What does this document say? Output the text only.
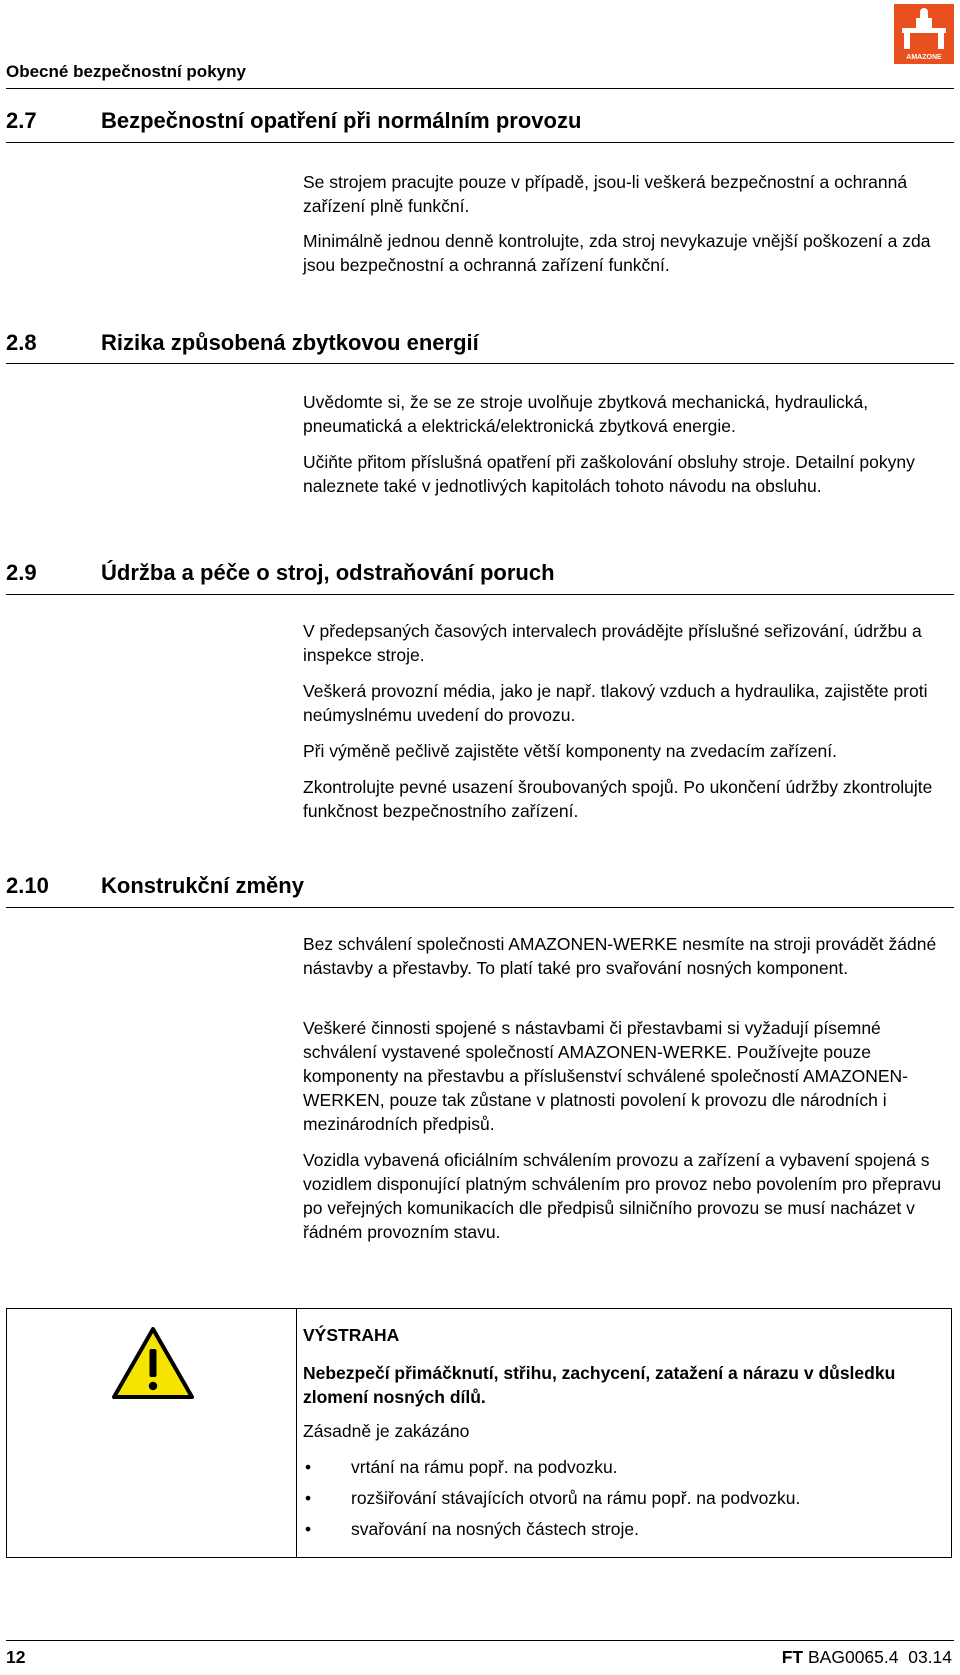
Obecné bezpečnostní pokyny
AMAZONE
2.7	Bezpečnostní opatření při normálním provozu

Se strojem pracujte pouze v případě, jsou-li veškerá bezpečnostní a ochranná zařízení plně funkční.

Minimálně jednou denně kontrolujte, zda stroj nevykazuje vnější poškození a zda jsou bezpečnostní a ochranná zařízení funkční.

2.8	Rizika způsobená zbytkovou energií

Uvědomte si, že se ze stroje uvolňuje zbytková mechanická, hydraulická, pneumatická a elektrická/elektronická zbytková energie.

Učiňte přitom příslušná opatření při zaškolování obsluhy stroje. Detailní pokyny naleznete také v jednotlivých kapitolách tohoto návodu na obsluhu.

2.9	Údržba a péče o stroj, odstraňování poruch

V předepsaných časových intervalech provádějte příslušné seřizování, údržbu a inspekce stroje.

Veškerá provozní média, jako je např. tlakový vzduch a hydraulika, zajistěte proti neúmyslnému uvedení do provozu.

Při výměně pečlivě zajistěte větší komponenty na zvedacím zařízení.

Zkontrolujte pevné usazení šroubovaných spojů. Po ukončení údržby zkontrolujte funkčnost bezpečnostního zařízení.

2.10 Konstrukční změny

Bez schválení společnosti AMAZONEN-WERKE nesmíte na stroji provádět žádné nástavby a přestavby. To platí také pro svařování nosných komponent.

Veškeré činnosti spojené s nástavbami či přestavbami si vyžadují písemné schválení vystavené společností AMAZONEN-WERKE. Používejte pouze komponenty na přestavbu a příslušenství schválené společností AMAZONEN-WERKEN, pouze tak zůstane v platnosti povolení k provozu dle národních i mezinárodních předpisů.

Vozidla vybavená oficiálním schválením provozu a zařízení a vybavení spojená s vozidlem disponující platným schválením pro provoz nebo povolením pro přepravu po veřejných komunikacích dle předpisů silničního provozu se musí nacházet v řádném provozním stavu.

VÝSTRAHA
Nebezpečí přimáčknutí, střihu, zachycení, zatažení a nárazu v důsledku zlomení nosných dílů.
Zásadně je zakázáno
• vrtání na rámu popř. na podvozku.
• rozšiřování stávajících otvorů na rámu popř. na podvozku.
• svařování na nosných částech stroje.
12	FT BAG0065.4  03.14
